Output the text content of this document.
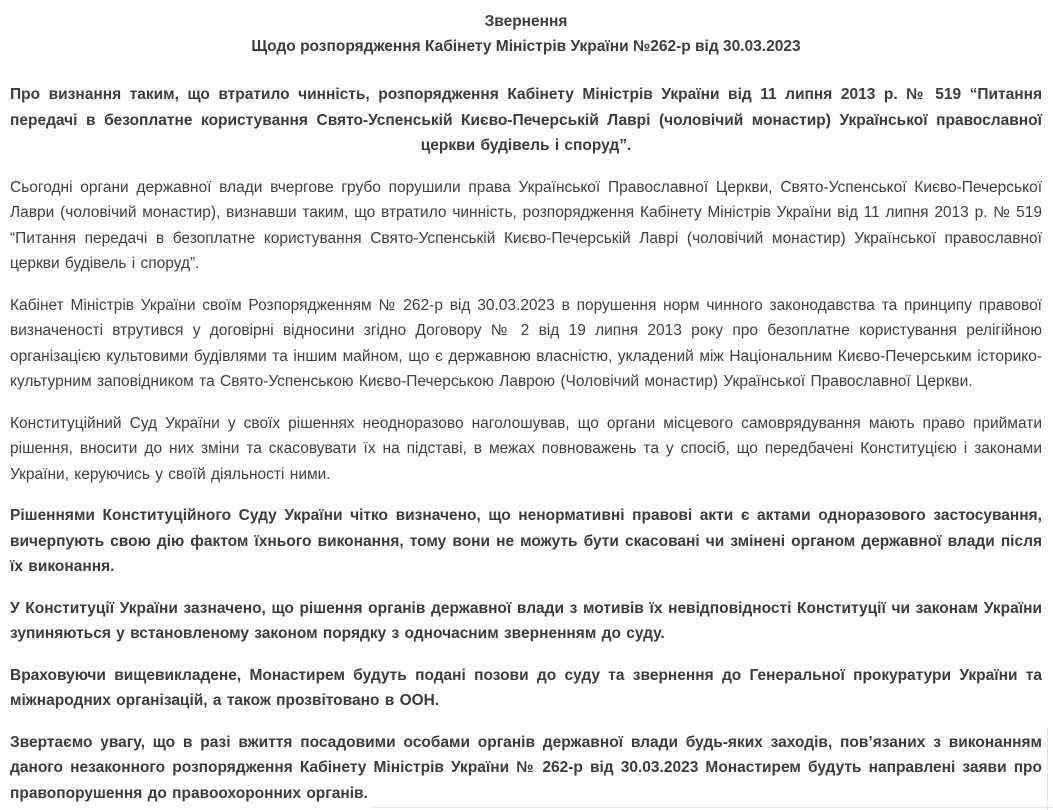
Звернення
Щодо розпорядження Кабінету Міністрів України №262-р від 30.03.2023

Про визнання таким, що втратило чинність, розпорядження Кабінету Міністрів України від 11 липня 2013 р. № 519 “Питання передачі в безоплатне користування Свято-Успенській Києво-Печерській Лаврі (чоловічий монастир) Української православної церкви будівель і споруд”.

Сьогодні органи державної влади вчергове грубо порушили права Української Православної Церкви, Свято-Успенської Києво-Печерської Лаври (чоловічий монастир), визнавши таким, що втратило чинність, розпорядження Кабінету Міністрів України від 11 липня 2013 р. № 519 “Питання передачі в безоплатне користування Свято-Успенській Києво-Печерській Лаврі (чоловічий монастир) Української православної церкви будівель і споруд”.

Кабінет Міністрів України своїм Розпорядженням № 262-р від 30.03.2023 в порушення норм чинного законодавства та принципу правової визначеності втрутився у договірні відносини згідно Договору № 2 від 19 липня 2013 року про безоплатне користування релігійною організацією культовими будівлями та іншим майном, що є державною власністю, укладений між Національним Києво-Печерським історико-культурним заповідником та Свято-Успенською Києво-Печерською Лаврою (Чоловічий монастир) Української Православної Церкви.

Конституційний Суд України у своїх рішеннях неодноразово наголошував, що органи місцевого самоврядування мають право приймати рішення, вносити до них зміни та скасовувати їх на підставі, в межах повноважень та у спосіб, що передбачені Конституцією і законами України, керуючись у своїй діяльності ними.

Рішеннями Конституційного Суду України чітко визначено, що ненормативні правові акти є актами одноразового застосування, вичерпують свою дію фактом їхнього виконання, тому вони не можуть бути скасовані чи змінені органом державної влади після їх виконання.

У Конституції України зазначено, що рішення органів державної влади з мотивів їх невідповідності Конституції чи законам України зупиняються у встановленому законом порядку з одночасним зверненням до суду.

Враховуючи вищевикладене, Монастирем будуть подані позови до суду та звернення до Генеральної прокуратури України та міжнародних організацій, а також прозвітовано в ООН.

Звертаємо увагу, що в разі вжиття посадовими особами органів державної влади будь-яких заходів, пов’язаних з виконанням даного незаконного розпорядження Кабінету Міністрів України № 262-р від 30.03.2023 Монастирем будуть направлені заяви про правопорушення до правоохоронних органів.
